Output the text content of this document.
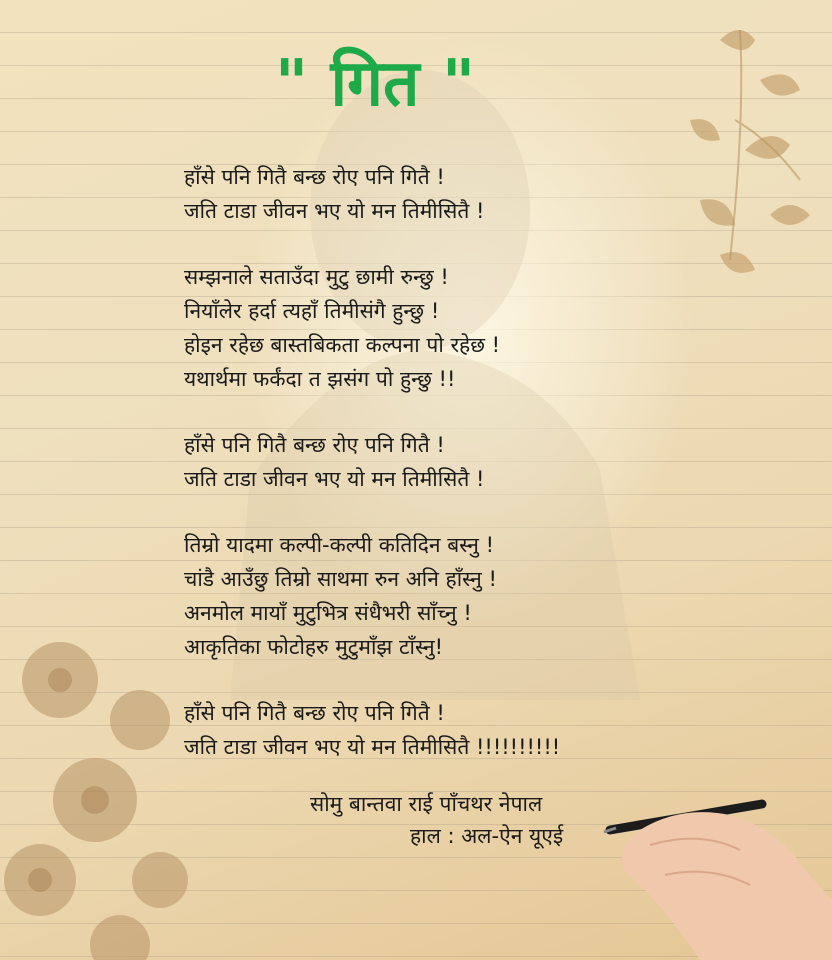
" गित "
हाँसे पनि गितै बन्छ रोए पनि गितै !
जति टाडा जीवन भए यो मन तिमीसितै !
सम्झनाले सताउँदा मुटु छामी रुन्छु !
नियाँलेर हर्दा त्यहाँ तिमीसंगै हुन्छु !
होइन रहेछ बास्तबिकता कल्पना पो रहेछ !
यथार्थमा फर्कंदा त झसंग पो हुन्छु !!
हाँसे पनि गितै बन्छ रोए पनि गितै !
जति टाडा जीवन भए यो मन तिमीसितै !
तिम्रो यादमा कल्पी-कल्पी कतिदिन बस्नु !
चांडै आउँछु तिम्रो साथमा रुन अनि हाँस्नु !
अनमोल मायाँ मुटुभित्र संधैभरी साँच्नु !
आकृतिका फोटोहरु मुटुमाँझ टाँस्नु!
हाँसे पनि गितै बन्छ रोए पनि गितै !
जति टाडा जीवन भए यो मन तिमीसितै !!!!!!!!!!
सोमु बान्तवा राई पाँचथर नेपाल
हाल : अल-ऐन यूएई
